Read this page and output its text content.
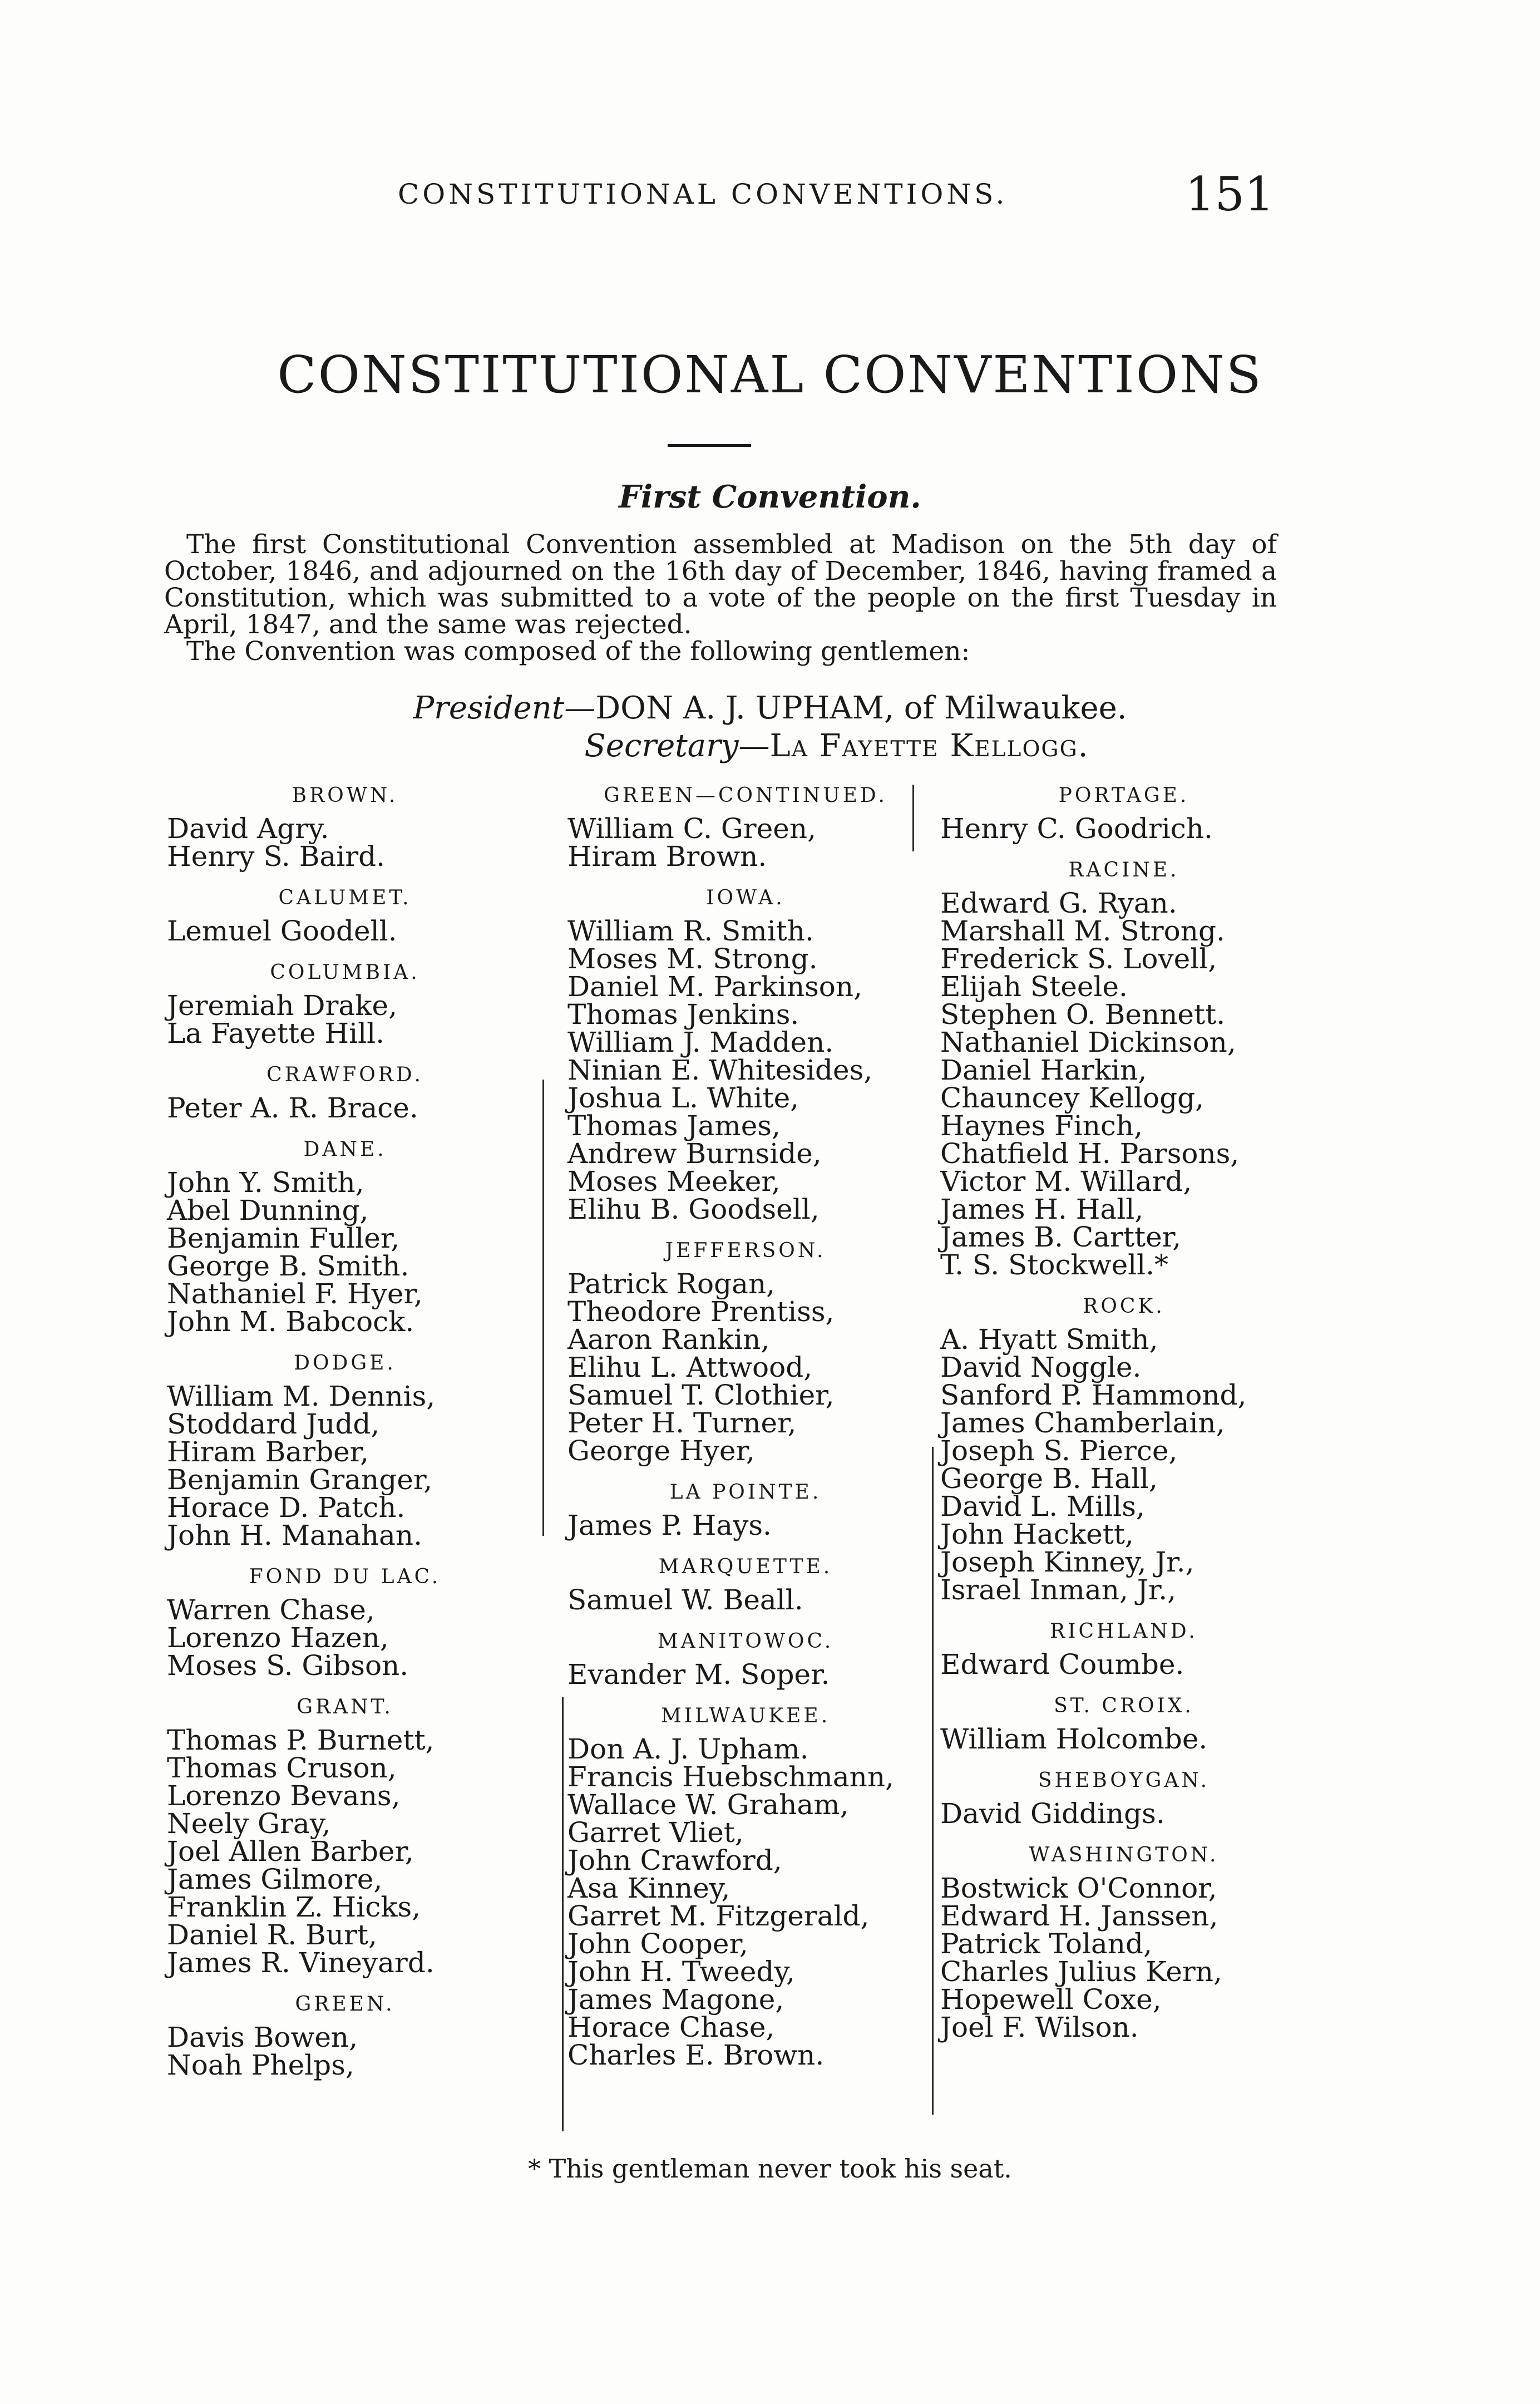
CONSTITUTIONAL CONVENTIONS.	151
CONSTITUTIONAL CONVENTIONS
First Convention.

The first Constitutional Convention assembled at Madison on the 5th day of October, 1846, and adjourned on the 16th day of December, 1846, having framed a Constitution, which was submitted to a vote of the people on the first Tuesday in April, 1847, and the same was rejected.

The Convention was composed of the following gentlemen:

President—DON A. J. UPHAM, of Milwaukee.
Secretary—La Fayette Kellogg.
BROWN.
David Agry.
Henry S. Baird.
CALUMET.
Lemuel Goodell.
COLUMBIA.
Jeremiah Drake,
La Fayette Hill.
CRAWFORD.
Peter A. R. Brace.
DANE.
John Y. Smith,
Abel Dunning,
Benjamin Fuller,
George B. Smith.
Nathaniel F. Hyer,
John M. Babcock.
DODGE.
William M. Dennis,
Stoddard Judd,
Hiram Barber,
Benjamin Granger,
Horace D. Patch.
John H. Manahan.
FOND DU LAC.
Warren Chase,
Lorenzo Hazen,
Moses S. Gibson.
GRANT.
Thomas P. Burnett,
Thomas Cruson,
Lorenzo Bevans,
Neely Gray,
Joel Allen Barber,
James Gilmore,
Franklin Z. Hicks,
Daniel R. Burt,
James R. Vineyard.
GREEN.
Davis Bowen,
Noah Phelps,
GREEN—CONTINUED.
William C. Green,
Hiram Brown.
IOWA.
William R. Smith.
Moses M. Strong.
Daniel M. Parkinson,
Thomas Jenkins.
William J. Madden.
Ninian E. Whitesides,
Joshua L. White,
Thomas James,
Andrew Burnside,
Moses Meeker,
Elihu B. Goodsell,
JEFFERSON.
Patrick Rogan,
Theodore Prentiss,
Aaron Rankin,
Elihu L. Attwood,
Samuel T. Clothier,
Peter H. Turner,
George Hyer,
LA POINTE.
James P. Hays.
MARQUETTE.
Samuel W. Beall.
MANITOWOC.
Evander M. Soper.
MILWAUKEE.
Don A. J. Upham.
Francis Huebschmann,
Wallace W. Graham,
Garret Vliet,
John Crawford,
Asa Kinney,
Garret M. Fitzgerald,
John Cooper,
John H. Tweedy,
James Magone,
Horace Chase,
Charles E. Brown.
PORTAGE.
Henry C. Goodrich.
RACINE.
Edward G. Ryan.
Marshall M. Strong.
Frederick S. Lovell,
Elijah Steele.
Stephen O. Bennett.
Nathaniel Dickinson,
Daniel Harkin,
Chauncey Kellogg,
Haynes Finch,
Chatfield H. Parsons,
Victor M. Willard,
James H. Hall,
James B. Cartter,
T. S. Stockwell.*
ROCK.
A. Hyatt Smith,
David Noggle.
Sanford P. Hammond,
James Chamberlain,
Joseph S. Pierce,
George B. Hall,
David L. Mills,
John Hackett,
Joseph Kinney, Jr.,
Israel Inman, Jr.,
RICHLAND.
Edward Coumbe.
ST. CROIX.
William Holcombe.
SHEBOYGAN.
David Giddings.
WASHINGTON.
Bostwick O'Connor,
Edward H. Janssen,
Patrick Toland,
Charles Julius Kern,
Hopewell Coxe,
Joel F. Wilson.
* This gentleman never took his seat.
